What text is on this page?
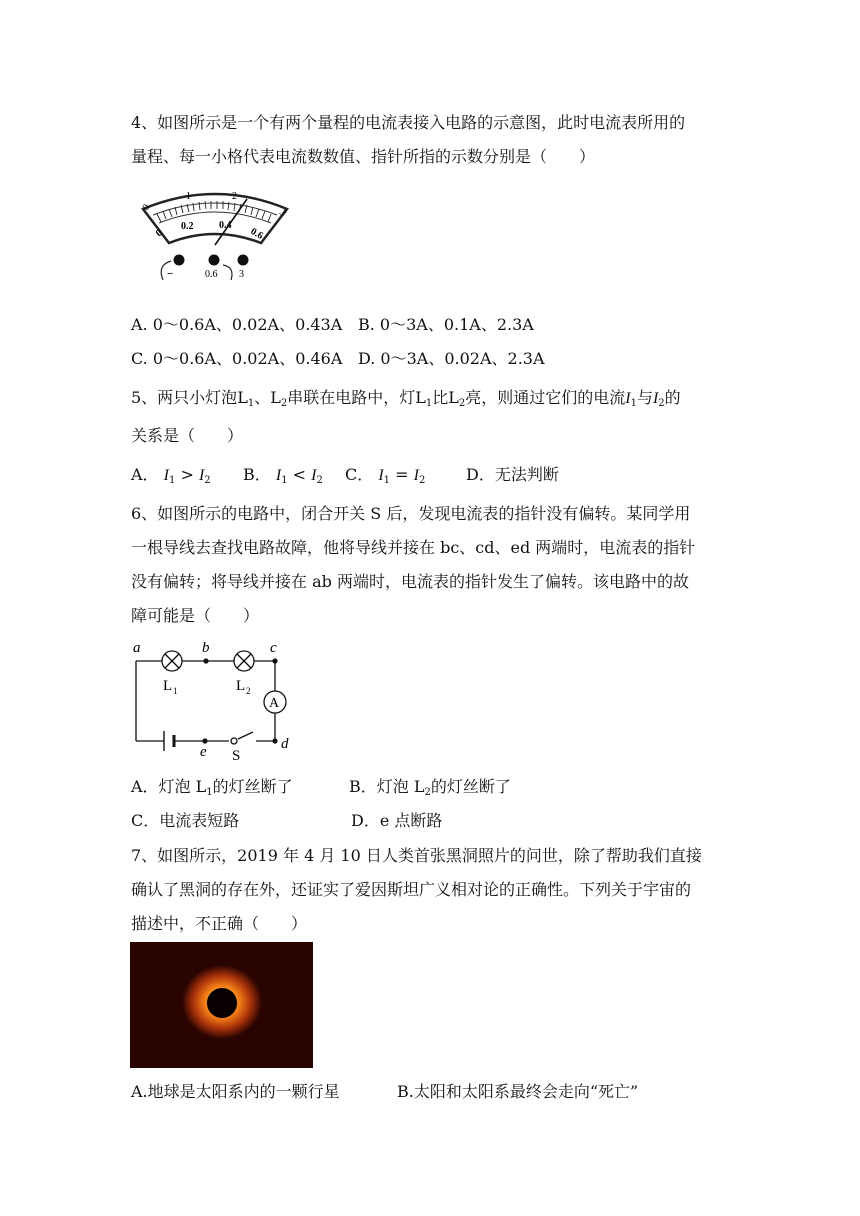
4、如图所示是一个有两个量程的电流表接入电路的示意图，此时电流表所用的
量程、每一小格代表电流数数值、指针所指的示数分别是（　　）
0
1	2
3
0
0.2	0.4
0.6
−	0.6 3
A. 0～0.6A、0.02A、0.43A B. 0～3A、0.1A、2.3A
C. 0～0.6A、0.02A、0.46A D. 0～3A、0.02A、2.3A
5、两只小灯泡$L_1$、$L_2$串联在电路中，灯$L_1$比$L_2$亮，则通过它们的电流$I_1$与$I_2$的
关系是（　　）
A． $I_1 > I_2$ B． $I_1 < I_2$ C． $I_1 = I_2$	D．无法判断
6、如图所示的电路中，闭合开关 S 后，发现电流表的指针没有偏转。某同学用
一根导线去查找电路故障，他将导线并接在 bc、cd、ed 两端时，电流表的指针
没有偏转；将导线并接在 ab 两端时，电流表的指针发生了偏转。该电路中的故
障可能是（　　）
a	b	c
d
e
L 1	L 2
A
S
A．灯泡 $L_1$的灯丝断了	B．灯泡 $L_2$的灯丝断了
C．电流表短路	D．e 点断路
7、如图所示，2019 年 4 月 10 日人类首张黑洞照片的问世，除了帮助我们直接
确认了黑洞的存在外，还证实了爱因斯坦广义相对论的正确性。下列关于宇宙的
描述中，不正确（　　）
A.地球是太阳系内的一颗行星	B.太阳和太阳系最终会走向“死亡”
